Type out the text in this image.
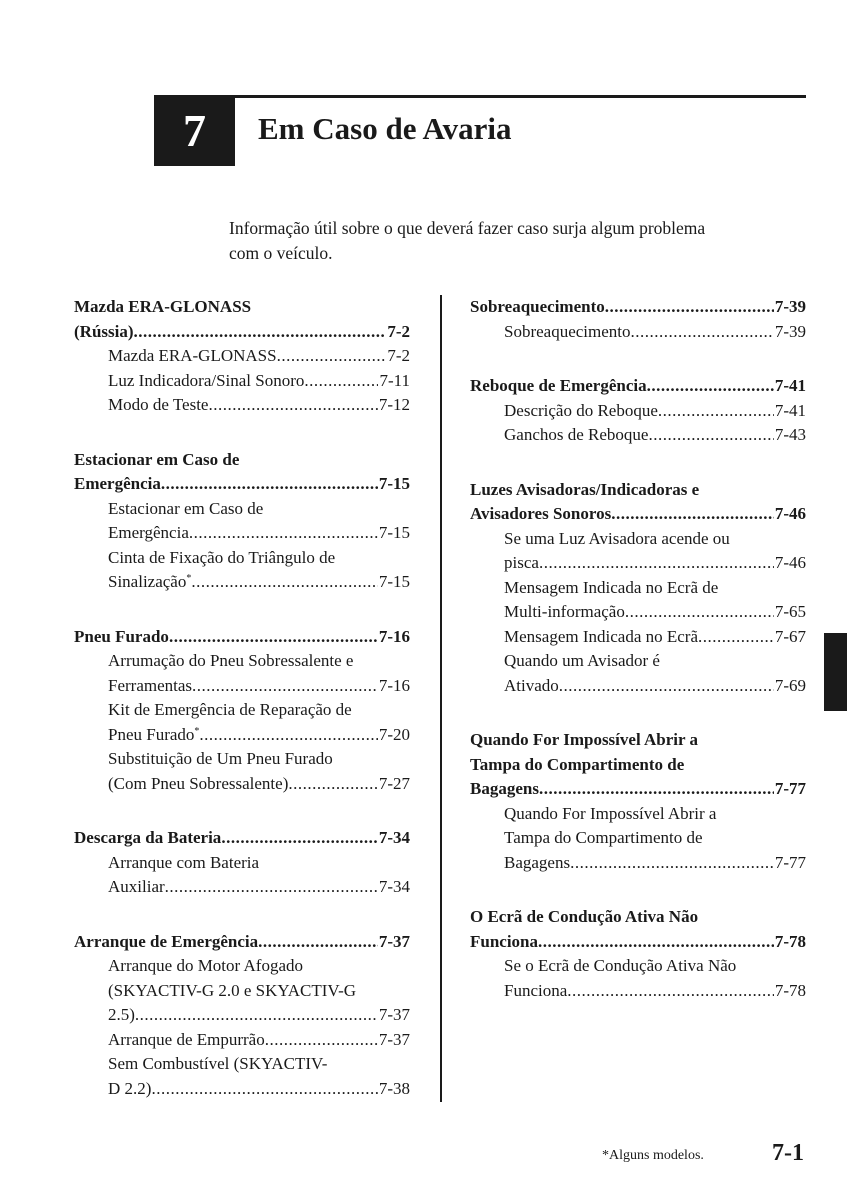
7 Em Caso de Avaria
Informação útil sobre o que deverá fazer caso surja algum problema
com o veículo.
Mazda ERA-GLONASS
(Rússia) .....	7-2
Mazda ERA-GLONASS .....	7-2
Luz Indicadora/Sinal Sonoro .....	7-11
Modo de Teste .....	7-12
Estacionar em Caso de
Emergência .....	7-15
Estacionar em Caso de
Emergência .....	7-15
Cinta de Fixação do Triângulo de
Sinalização* .....	7-15
Pneu Furado .....	7-16
Arrumação do Pneu Sobressalente e
Ferramentas .....	7-16
Kit de Emergência de Reparação de
Pneu Furado* .....	7-20
Substituição de Um Pneu Furado
(Com Pneu Sobressalente) .....	7-27
Descarga da Bateria .....	7-34
Arranque com Bateria
Auxiliar .....	7-34
Arranque de Emergência .....	7-37
Arranque do Motor Afogado
(SKYACTIV-G 2.0 e SKYACTIV-G
2.5) .....	7-37
Arranque de Empurrão .....	7-37
Sem Combustível (SKYACTIV-
D 2.2) .....	7-38
Sobreaquecimento .....	7-39
Sobreaquecimento .....	7-39
Reboque de Emergência .....	7-41
Descrição do Reboque .....	7-41
Ganchos de Reboque .....	7-43
Luzes Avisadoras/Indicadoras e
Avisadores Sonoros .....	7-46
Se uma Luz Avisadora acende ou
pisca .....	7-46
Mensagem Indicada no Ecrã de
Multi-informação .....	7-65
Mensagem Indicada no Ecrã .....	7-67
Quando um Avisador é
Ativado .....	7-69
Quando For Impossível Abrir a
Tampa do Compartimento de
Bagagens .....	7-77
Quando For Impossível Abrir a
Tampa do Compartimento de
Bagagens .....	7-77
O Ecrã de Condução Ativa Não
Funciona .....	7-78
Se o Ecrã de Condução Ativa Não
Funciona .....	7-78
*Alguns modelos.	7-1
